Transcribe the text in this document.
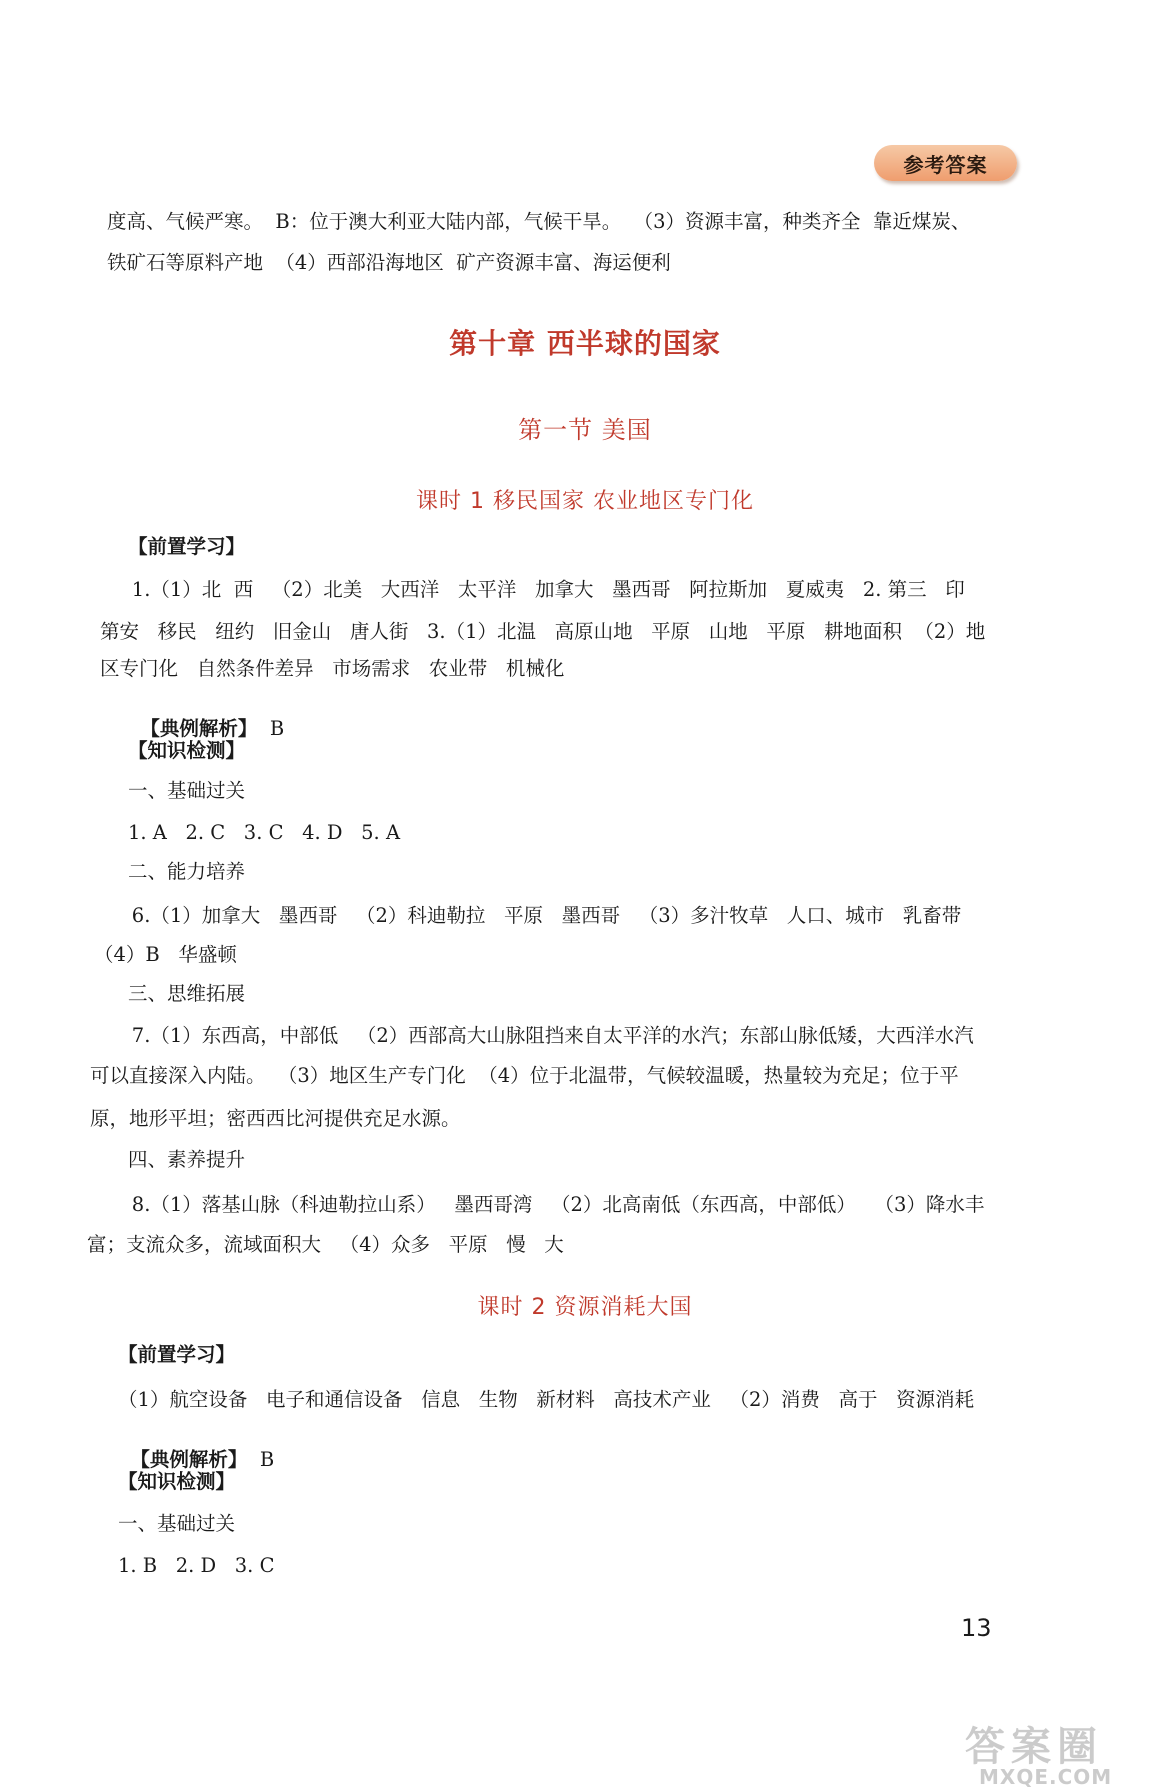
参考答案
度高、气候严寒。  B：位于澳大利亚大陆内部，气候干旱。  （3）资源丰富，种类齐全  靠近煤炭、
铁矿石等原料产地  （4）西部沿海地区  矿产资源丰富、海运便利
第十章 西半球的国家
第一节 美国
课时 1 移民国家 农业地区专门化
【前置学习】
1.（1）北  西   （2）北美   大西洋   太平洋   加拿大   墨西哥   阿拉斯加   夏威夷   2. 第三   印
第安   移民   纽约   旧金山   唐人街   3.（1）北温   高原山地   平原   山地   平原   耕地面积  （2）地
区专门化   自然条件差异   市场需求   农业带   机械化

【典例解析】 B

【知识检测】
一、基础过关
1. A   2. C   3. C   4. D   5. A
二、能力培养
6.（1）加拿大   墨西哥   （2）科迪勒拉   平原   墨西哥   （3）多汁牧草   人口、城市   乳畜带
（4）B   华盛顿
三、思维拓展
7.（1）东西高，中部低   （2）西部高大山脉阻挡来自太平洋的水汽；东部山脉低矮，大西洋水汽
可以直接深入内陆。  （3）地区生产专门化  （4）位于北温带，气候较温暖，热量较为充足；位于平
原，地形平坦；密西西比河提供充足水源。
四、素养提升
8.（1）落基山脉（科迪勒拉山系）   墨西哥湾   （2）北高南低（东西高，中部低）   （3）降水丰
富；支流众多，流域面积大   （4）众多   平原   慢   大
课时 2 资源消耗大国
【前置学习】
（1）航空设备   电子和通信设备   信息   生物   新材料   高技术产业   （2）消费   高于   资源消耗

【典例解析】 B

【知识检测】
一、基础过关
1. B   2. D   3. C
13
答案圈
MXQE.COM
